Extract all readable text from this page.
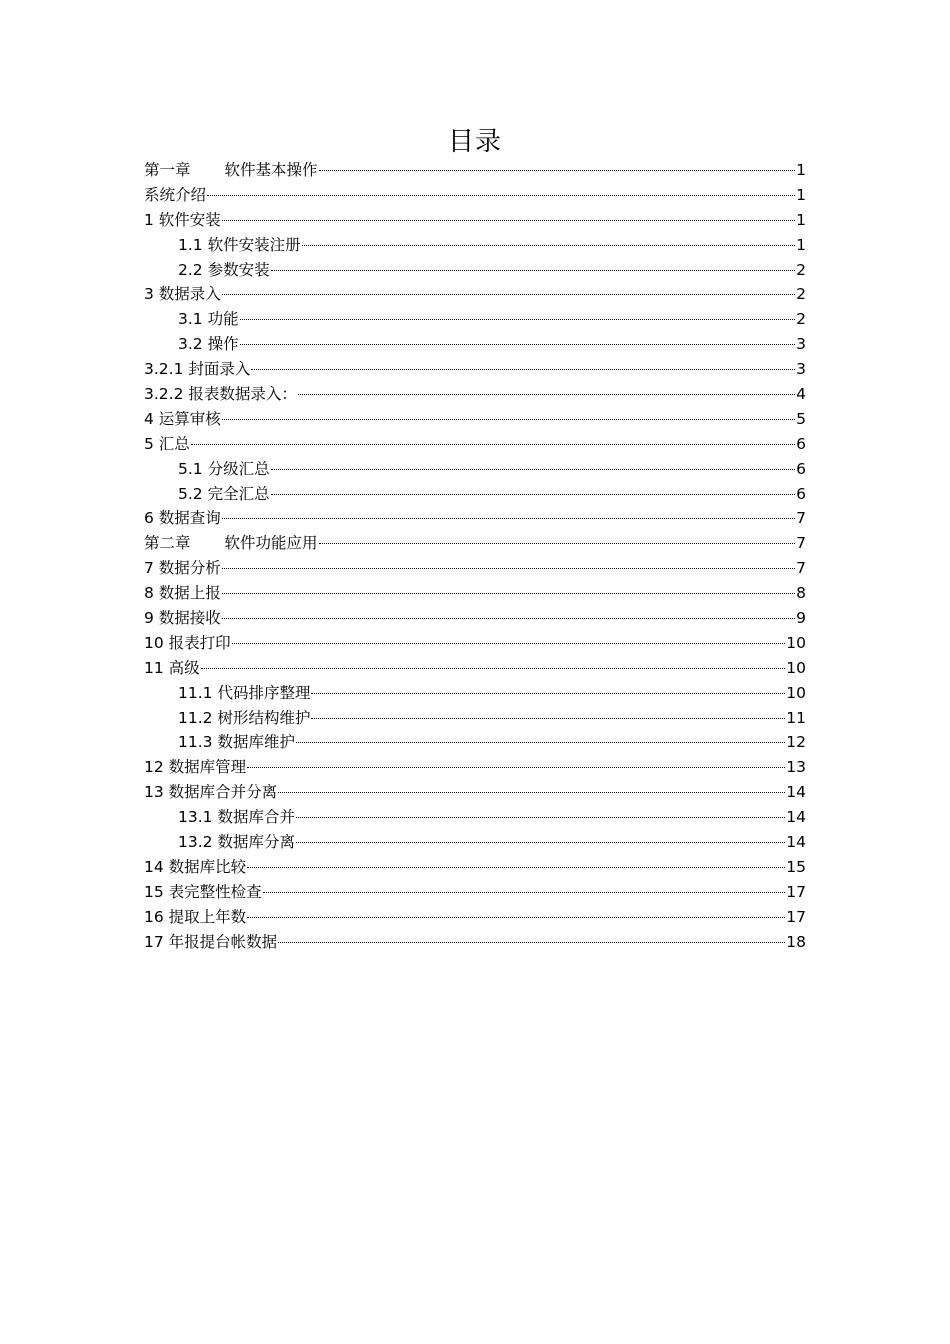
目录
第一章 软件基本操作	1
系统介绍	1
1 软件安装	1
1.1 软件安装注册	1
2.2 参数安装	2
3 数据录入	2
3.1 功能	2
3.2 操作	3
3.2.1 封面录入	3
3.2.2 报表数据录入：	4
4 运算审核	5
5 汇总	6
5.1 分级汇总	6
5.2 完全汇总	6
6 数据查询	7
第二章 软件功能应用	7
7 数据分析	7
8 数据上报	8
9 数据接收	9
10 报表打印	10
11 高级	10
11.1 代码排序整理	10
11.2 树形结构维护	11
11.3 数据库维护	12
12 数据库管理	13
13 数据库合并分离	14
13.1 数据库合并	14
13.2 数据库分离	14
14 数据库比较	15
15 表完整性检查	17
16 提取上年数	17
17 年报提台帐数据	18
